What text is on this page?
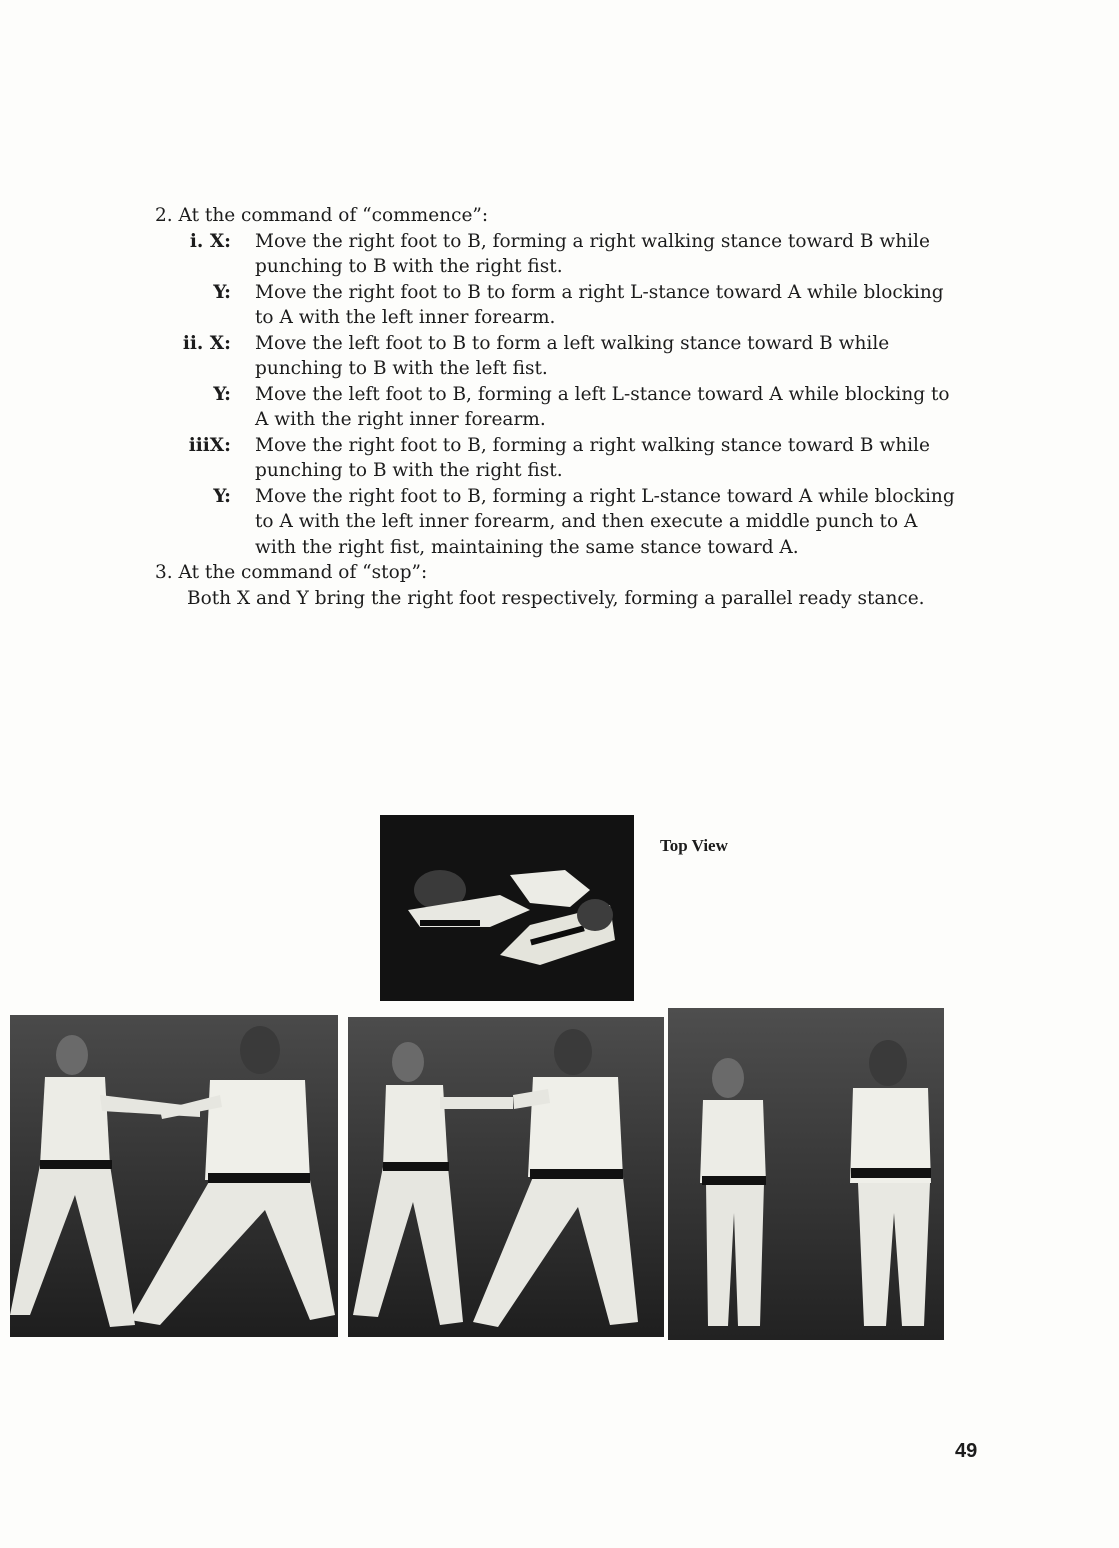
2. At the command of “commence”:
i. X:	Move the right foot to B, forming a right walking stance toward B while punching to B with the right fist.
Y:	Move the right foot to B to form a right L-stance toward A while blocking to A with the left inner forearm.
ii. X:	Move the left foot to B to form a left walking stance toward B while punching to B with the left fist.
Y:	Move the left foot to B, forming a left L-stance toward A while blocking to A with the right inner forearm.
iiiX:	Move the right foot to B, forming a right walking stance toward B while punching to B with the right fist.
Y:	Move the right foot to B, forming a right L-stance toward A while blocking to A with the left inner forearm, and then execute a middle punch to A with the right fist, maintaining the same stance toward A.
3. At the command of “stop”:
Both X and Y bring the right foot respectively, forming a parallel ready stance.
Top View
49
